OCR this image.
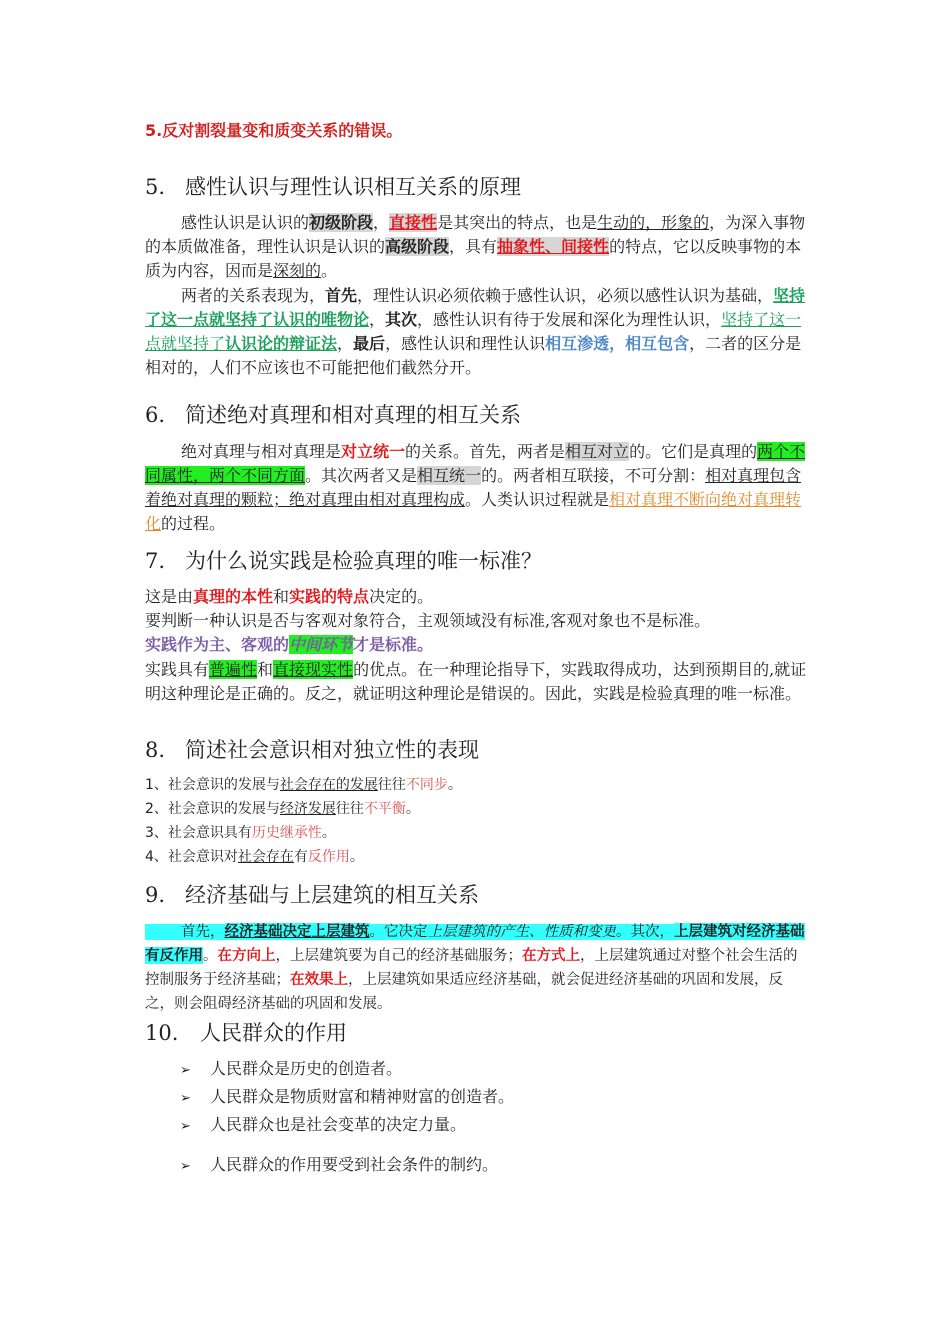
5.反对割裂量变和质变关系的错误。
5. 感性认识与理性认识相互关系的原理
感性认识是认识的初级阶段，直接性是其突出的特点，也是生动的，形象的，为深入事物的本质做准备，理性认识是认识的高级阶段，具有抽象性、间接性的特点，它以反映事物的本质为内容，因而是深刻的。
两者的关系表现为，首先，理性认识必须依赖于感性认识，必须以感性认识为基础，坚持了这一点就坚持了认识的唯物论，其次，感性认识有待于发展和深化为理性认识，坚持了这一点就坚持了认识论的辩证法，最后，感性认识和理性认识相互渗透，相互包含，二者的区分是相对的，人们不应该也不可能把他们截然分开。
6. 简述绝对真理和相对真理的相互关系
绝对真理与相对真理是对立统一的关系。首先，两者是相互对立的。它们是真理的两个不同属性，两个不同方面。其次两者又是相互统一的。两者相互联接，不可分割：相对真理包含着绝对真理的颗粒；绝对真理由相对真理构成。人类认识过程就是相对真理不断向绝对真理转化的过程。
7. 为什么说实践是检验真理的唯一标准？
这是由真理的本性和实践的特点决定的。
要判断一种认识是否与客观对象符合，主观领域没有标准,客观对象也不是标准。
实践作为主、客观的中间环节才是标准。
实践具有普遍性和直接现实性的优点。在一种理论指导下，实践取得成功，达到预期目的,就证明这种理论是正确的。反之，就证明这种理论是错误的。因此，实践是检验真理的唯一标准。
8. 简述社会意识相对独立性的表现
1、社会意识的发展与社会存在的发展往往不同步。
2、社会意识的发展与经济发展往往不平衡。
3、社会意识具有历史继承性。
4、社会意识对社会存在有反作用。
9. 经济基础与上层建筑的相互关系
首先，经济基础决定上层建筑。它决定上层建筑的产生、性质和变更。其次，上层建筑对经济基础有反作用。在方向上，上层建筑要为自己的经济基础服务；在方式上，上层建筑通过对整个社会生活的控制服务于经济基础；在效果上，上层建筑如果适应经济基础，就会促进经济基础的巩固和发展，反之，则会阻碍经济基础的巩固和发展。
10. 人民群众的作用
➢ 人民群众是历史的创造者。
➢ 人民群众是物质财富和精神财富的创造者。
➢ 人民群众也是社会变革的决定力量。
➢ 人民群众的作用要受到社会条件的制约。
